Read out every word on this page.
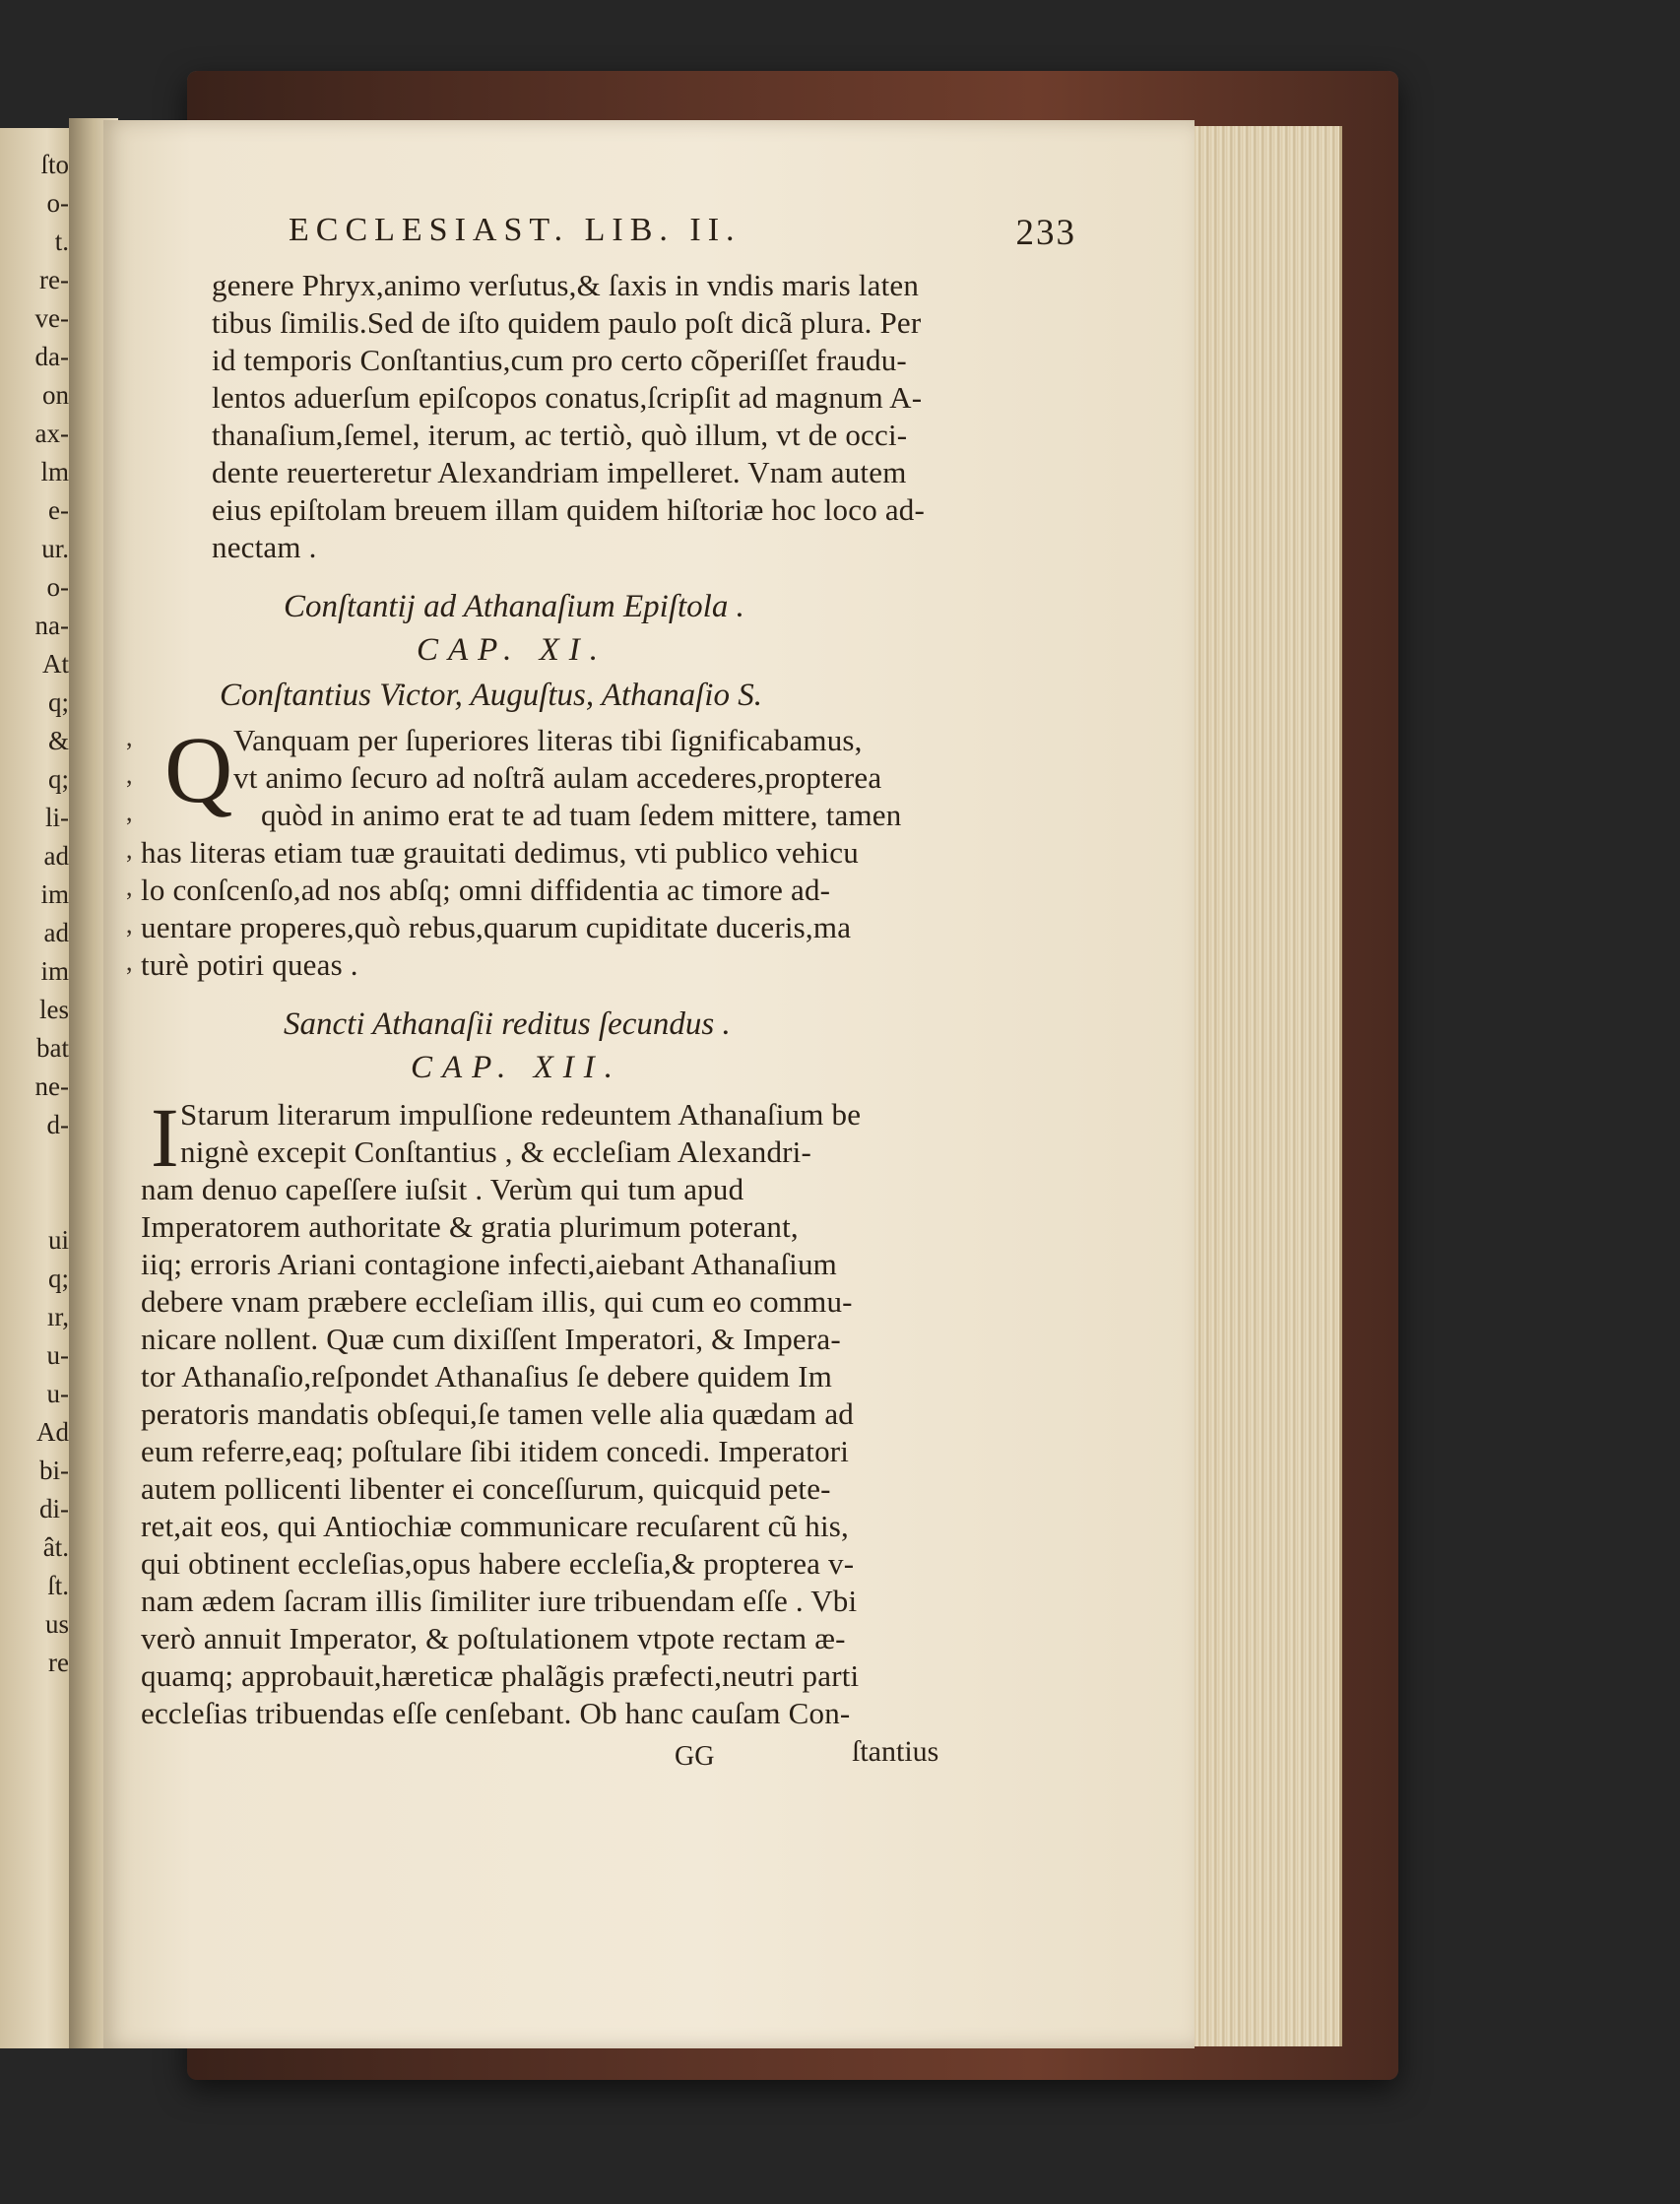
ſto
o-
t.
re-
ve-
da-
on
ax-
lm
e-
ur.
o-
na-
At
q;
&
q;
li-
ad
im
ad
im
les
bat
ne-
d-
ui
q;
ır,
u-
u-
Ad
bi-
di-
ât.
ſt.
us
re
ECCLESIAST. LIB. II.	233
genere Phryx,animo verſutus,& ſaxis in vndis maris laten
tibus ſimilis.Sed de iſto quidem paulo poſt dicã plura. Per
id temporis Conſtantius,cum pro certo cõperiſſet fraudu-
lentos aduerſum epiſcopos conatus,ſcripſit ad magnum A-
thanaſium,ſemel, iterum, ac tertiò, quò illum, vt de occi-
dente reuerteretur Alexandriam impelleret. Vnam autem
eius epiſtolam breuem illam quidem hiſtoriæ hoc loco ad-
nectam .
Conſtantij ad Athanaſium Epiſtola .
CAP. XI.
Conſtantius Victor, Auguſtus, Athanaſio S.
Q Vanquam per ſuperiores literas tibi ſignificabamus,
vt animo ſecuro ad noſtrã aulam accederes,propterea
quòd in animo erat te ad tuam ſedem mittere, tamen
has literas etiam tuæ grauitati dedimus, vti publico vehicu
lo conſcenſo,ad nos abſq; omni diffidentia ac timore ad-
uentare properes,quò rebus,quarum cupiditate duceris,ma
turè potiri queas .
Sancti Athanaſii reditus ſecundus .
CAP. XII.
I Starum literarum impulſione redeuntem Athanaſium be
nignè excepit Conſtantius , & eccleſiam Alexandri-
nam denuo capeſſere iuſsit . Verùm qui tum apud
Imperatorem authoritate & gratia plurimum poterant,
iiq; erroris Ariani contagione infecti,aiebant Athanaſium
debere vnam præbere eccleſiam illis, qui cum eo commu-
nicare nollent. Quæ cum dixiſſent Imperatori, & Impera-
tor Athanaſio,reſpondet Athanaſius ſe debere quidem Im
peratoris mandatis obſequi,ſe tamen velle alia quædam ad
eum referre,eaq; poſtulare ſibi itidem concedi. Imperatori
autem pollicenti libenter ei conceſſurum, quicquid pete-
ret,ait eos, qui Antiochiæ communicare recuſarent cũ his,
qui obtinent eccleſias,opus habere eccleſia,& propterea v-
nam ædem ſacram illis ſimiliter iure tribuendam eſſe . Vbi
verò annuit Imperator, & poſtulationem vtpote rectam æ-
quamq; approbauit,hæreticæ phalãgis præfecti,neutri parti
eccleſias tribuendas eſſe cenſebant. Ob hanc cauſam Con-
GG	ſtantius
,
,
,
,
,
,
,
